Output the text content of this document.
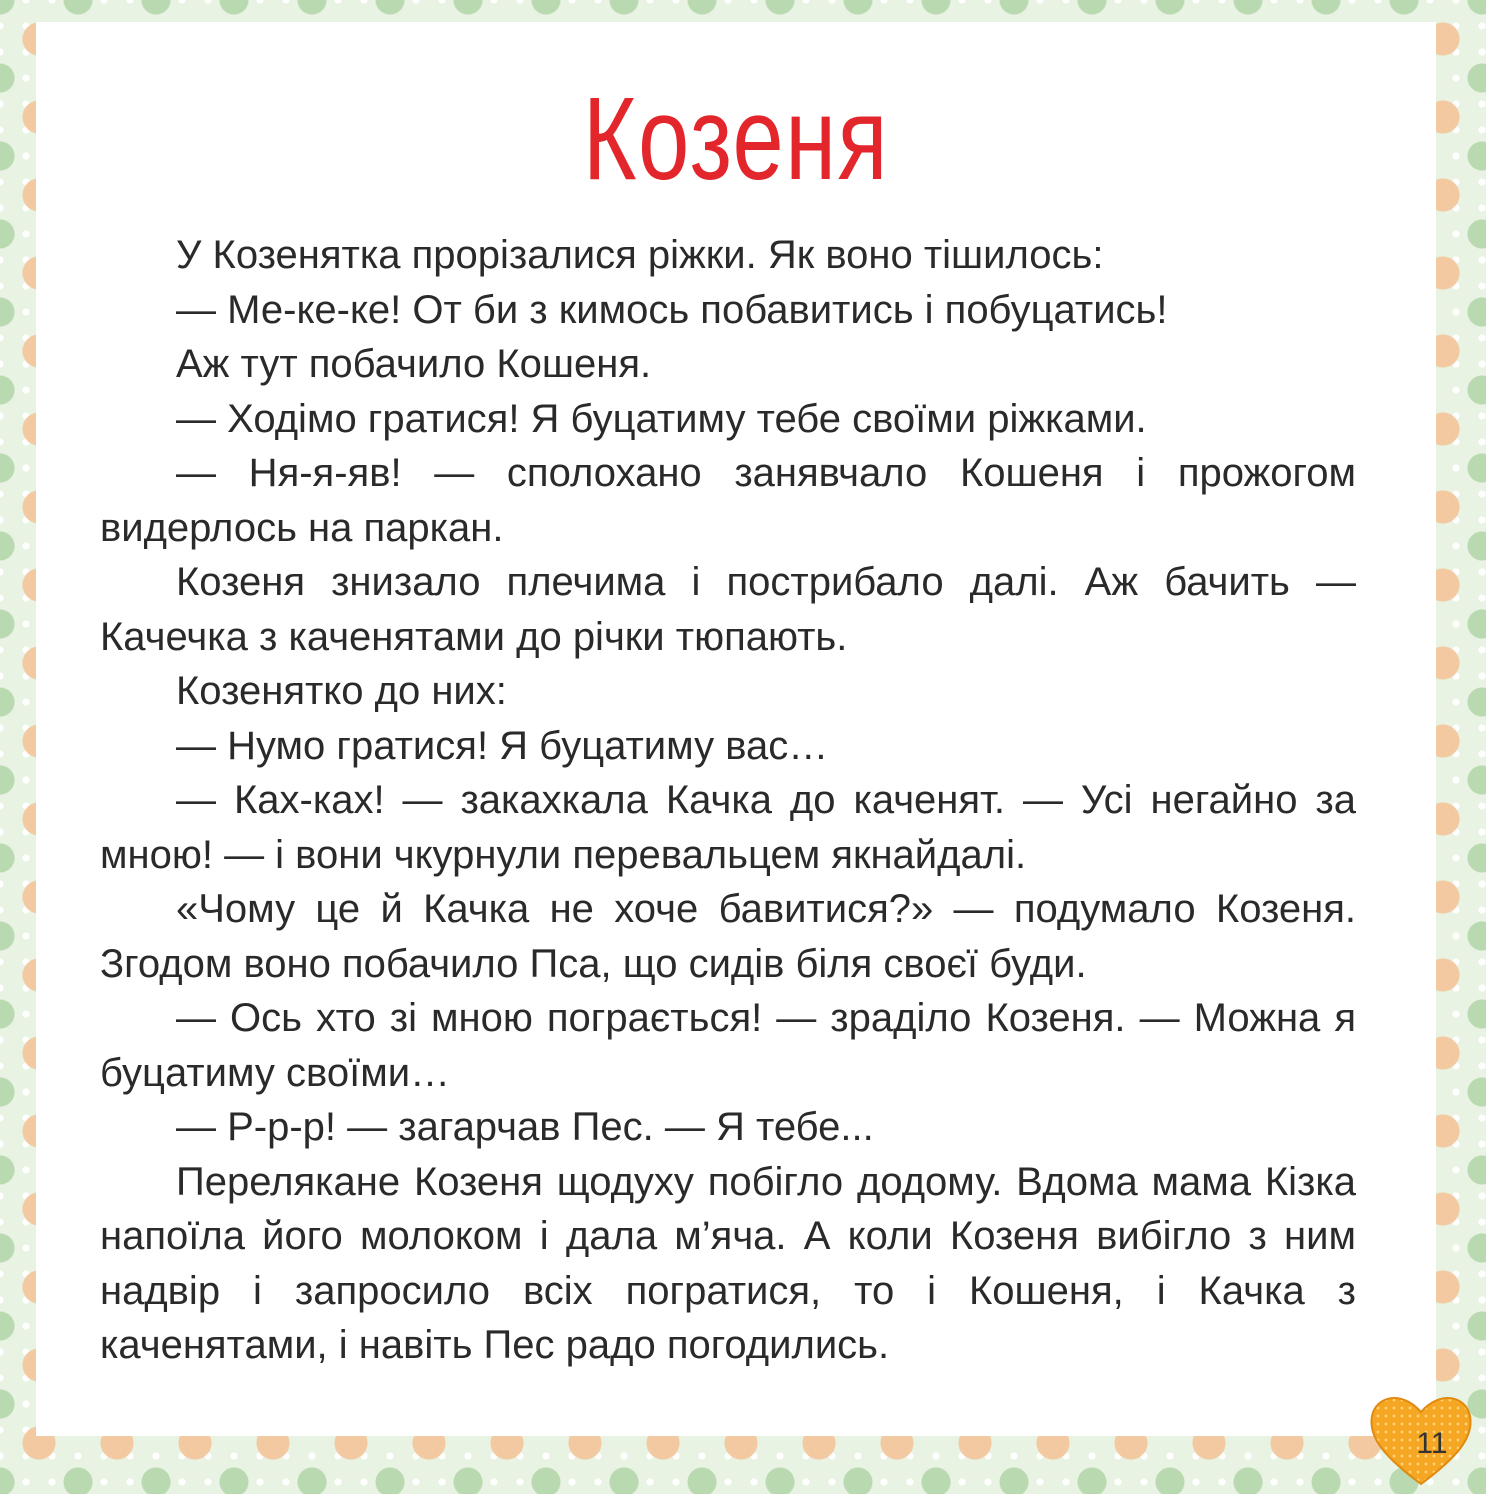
Козеня

У Козенятка прорізалися ріжки. Як воно тішилось:

— Ме-ке-ке! От би з кимось побавитись і побуцатись!

Аж тут побачило Кошеня.

— Ходімо гратися! Я буцатиму тебе своїми ріжками.

— Ня-я-яв! — сполохано занявчало Кошеня і прожогом видерлось на паркан.

Козеня знизало плечима і пострибало далі. Аж бачить — Качечка з каченятами до річки тюпають.

Козенятко до них:

— Нумо гратися! Я буцатиму вас…

— Ках-ках! — закахкала Качка до каченят. — Усі негайно за мною! — і вони чкурнули перевальцем якнайдалі.

«Чому це й Качка не хоче бавитися?» — подумало Козеня. Згодом воно побачило Пса, що сидів біля своєї буди.

— Ось хто зі мною пограється! — зраділо Козеня. — Можна я буцатиму своїми…

— Р-р-р! — загарчав Пес. — Я тебе...

Перелякане Козеня щодуху побігло додому. Вдома мама Кізка напоїла його молоком і дала м’яча. А коли Козеня вибігло з ним надвір і запросило всіх погратися, то і Кошеня, і Качка з каченятами, і навіть Пес радо погодились.

11
